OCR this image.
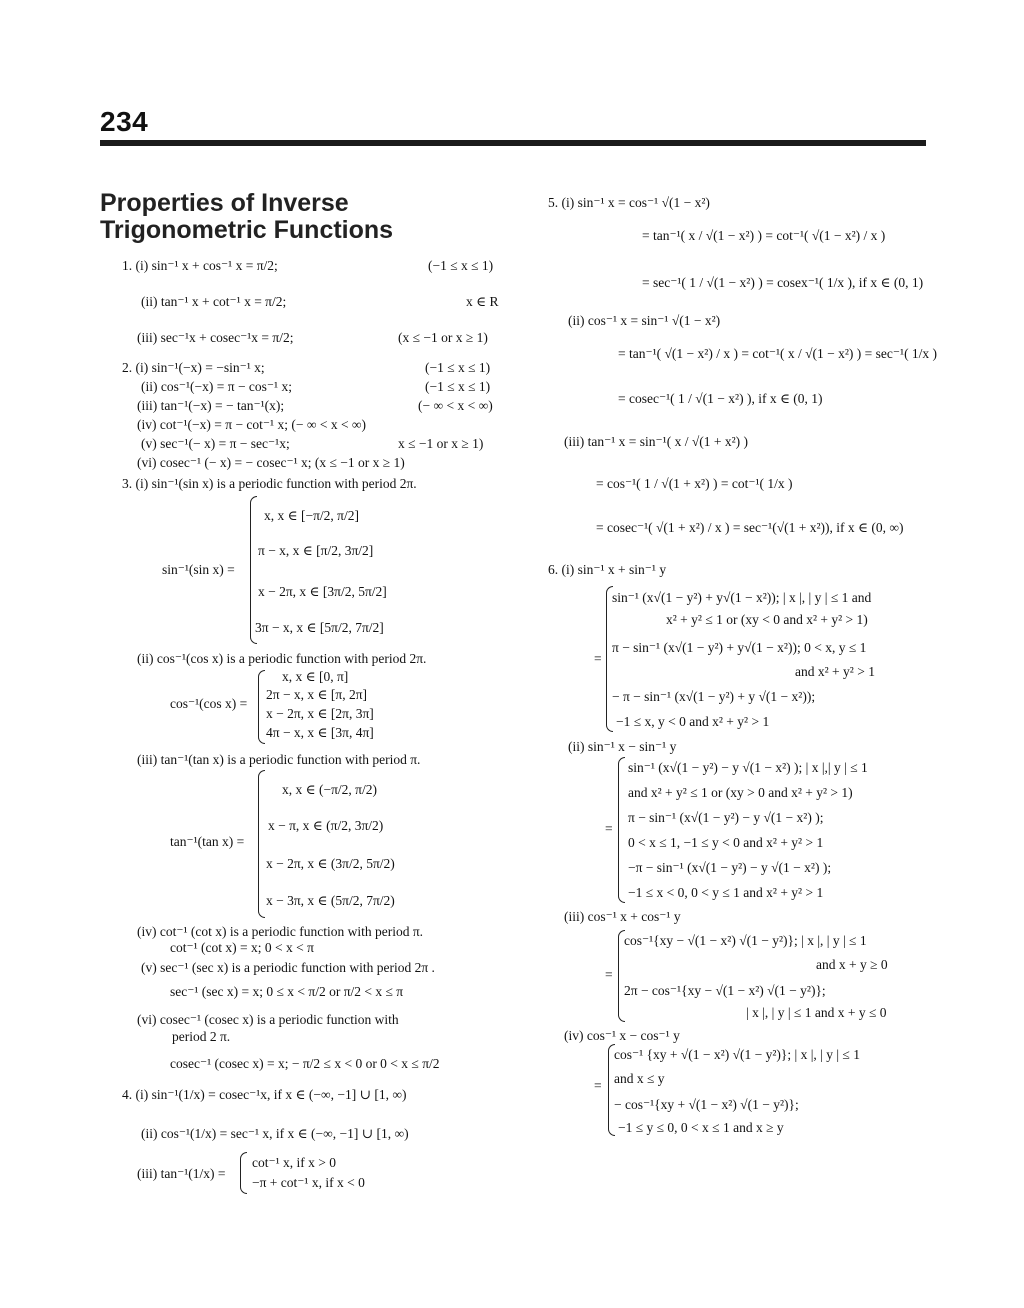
234
Properties of Inverse Trigonometric Functions
1. (i) sin⁻¹ x + cos⁻¹ x = π/2;	(−1 ≤ x ≤ 1)
(ii) tan⁻¹ x + cot⁻¹ x = π/2;	x ∈ R
(iii) sec⁻¹x + cosec⁻¹x = π/2;	(x ≤ −1 or x ≥ 1)
2. (i) sin⁻¹(−x) = −sin⁻¹ x;	(−1 ≤ x ≤ 1)
(ii) cos⁻¹(−x) = π − cos⁻¹ x;	(−1 ≤ x ≤ 1)
(iii) tan⁻¹(−x) = − tan⁻¹(x);	(− ∞ < x < ∞)
(iv) cot⁻¹(−x) = π − cot⁻¹ x; (− ∞ < x < ∞)
(v) sec⁻¹(− x) = π − sec⁻¹x;	x ≤ −1 or x ≥ 1)
(vi) cosec⁻¹ (− x) = − cosec⁻¹ x; (x ≤ −1 or x ≥ 1)
3. (i) sin⁻¹(sin x) is a periodic function with period 2π.
sin⁻¹(sin x) =
x, x ∈ [−π/2, π/2]
π − x, x ∈ [π/2, 3π/2]
x − 2π, x ∈ [3π/2, 5π/2]
3π − x, x ∈ [5π/2, 7π/2]
(ii) cos⁻¹(cos x) is a periodic function with period 2π.
cos⁻¹(cos x) =
x, x ∈ [0, π]
2π − x, x ∈ [π, 2π]
x − 2π, x ∈ [2π, 3π]
4π − x, x ∈ [3π, 4π]
(iii) tan⁻¹(tan x) is a periodic function with period π.
tan⁻¹(tan x) =
x, x ∈ (−π/2, π/2)
x − π, x ∈ (π/2, 3π/2)
x − 2π, x ∈ (3π/2, 5π/2)
x − 3π, x ∈ (5π/2, 7π/2)
(iv) cot⁻¹ (cot x) is a periodic function with period π.
cot⁻¹ (cot x) = x; 0 < x < π
(v) sec⁻¹ (sec x) is a periodic function with period 2π .
sec⁻¹ (sec x) = x; 0 ≤ x < π/2 or π/2 < x ≤ π
(vi) cosec⁻¹ (cosec x) is a periodic function with
period 2 π.
cosec⁻¹ (cosec x) = x; − π/2 ≤ x < 0 or 0 < x ≤ π/2
4. (i) sin⁻¹(1/x) = cosec⁻¹x, if x ∈ (−∞, −1] ∪ [1, ∞)
(ii) cos⁻¹(1/x) = sec⁻¹ x, if x ∈ (−∞, −1] ∪ [1, ∞)
(iii) tan⁻¹(1/x) =
cot⁻¹ x, if x > 0
−π + cot⁻¹ x, if x < 0
5. (i) sin⁻¹ x = cos⁻¹ √(1 − x²)
= tan⁻¹( x / √(1 − x²) ) = cot⁻¹( √(1 − x²) / x )
= sec⁻¹( 1 / √(1 − x²) ) = cosex⁻¹( 1/x ), if x ∈ (0, 1)
(ii) cos⁻¹ x = sin⁻¹ √(1 − x²)
= tan⁻¹( √(1 − x²) / x ) = cot⁻¹( x / √(1 − x²) ) = sec⁻¹( 1/x )
= cosec⁻¹( 1 / √(1 − x²) ), if x ∈ (0, 1)
(iii) tan⁻¹ x = sin⁻¹( x / √(1 + x²) )
= cos⁻¹( 1 / √(1 + x²) ) = cot⁻¹( 1/x )
= cosec⁻¹( √(1 + x²) / x ) = sec⁻¹(√(1 + x²)), if x ∈ (0, ∞)
6. (i) sin⁻¹ x + sin⁻¹ y
=
sin⁻¹ (x√(1 − y²) + y√(1 − x²)); | x |, | y | ≤ 1 and
x² + y² ≤ 1 or (xy < 0 and x² + y² > 1)
π − sin⁻¹ (x√(1 − y²) + y√(1 − x²)); 0 < x, y ≤ 1
and x² + y² > 1
− π − sin⁻¹ (x√(1 − y²) + y √(1 − x²));
−1 ≤ x, y < 0 and x² + y² > 1
(ii) sin⁻¹ x − sin⁻¹ y
=
sin⁻¹ (x√(1 − y²) − y √(1 − x²) ); | x |,| y | ≤ 1
and x² + y² ≤ 1 or (xy > 0 and x² + y² > 1)
π − sin⁻¹ (x√(1 − y²) − y √(1 − x²) );
0 < x ≤ 1, −1 ≤ y < 0 and x² + y² > 1
−π − sin⁻¹ (x√(1 − y²) − y √(1 − x²) );
−1 ≤ x < 0, 0 < y ≤ 1 and x² + y² > 1
(iii) cos⁻¹ x + cos⁻¹ y
=
cos⁻¹{xy − √(1 − x²) √(1 − y²)}; | x |, | y | ≤ 1
and x + y ≥ 0
2π − cos⁻¹{xy − √(1 − x²) √(1 − y²)};
| x |, | y | ≤ 1 and x + y ≤ 0
(iv) cos⁻¹ x − cos⁻¹ y
=
cos⁻¹ {xy + √(1 − x²) √(1 − y²)}; | x |, | y | ≤ 1
and x ≤ y
− cos⁻¹{xy + √(1 − x²) √(1 − y²)};
−1 ≤ y ≤ 0, 0 < x ≤ 1 and x ≥ y
